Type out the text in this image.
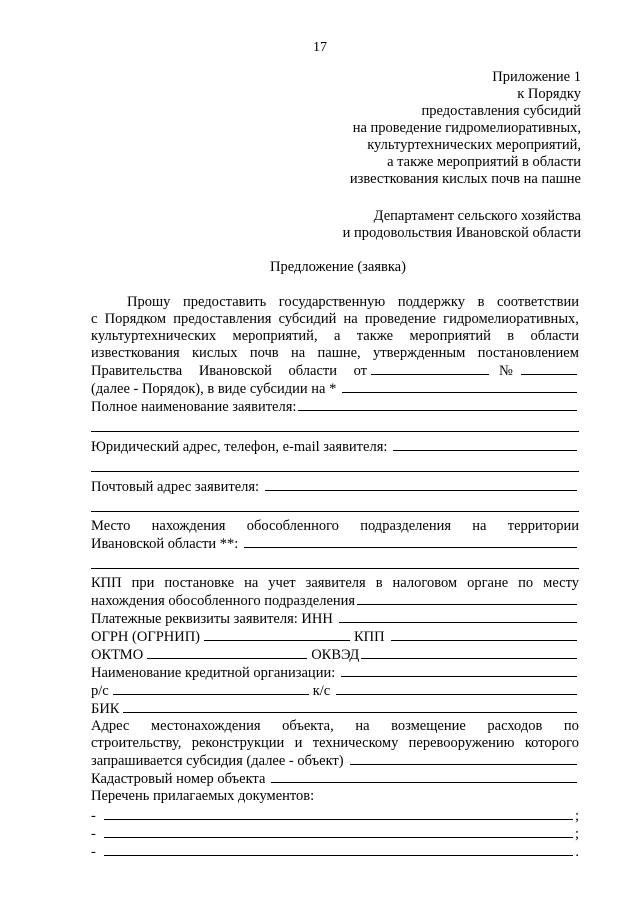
17
Приложение 1
к Порядку
предоставления субсидий
на проведение гидромелиоративных,
культуртехнических мероприятий,
а также мероприятий в области
известкования кислых почв на пашне
Департамент сельского хозяйства
и продовольствия Ивановской области
Предложение (заявка)
Прошу предоставить государственную поддержку в соответствии
с Порядком предоставления субсидий на проведение гидромелиоративных,
культуртехнических мероприятий, а также мероприятий в области
известкования кислых почв на пашне, утвержденным постановлением
Правительства Ивановской области от	№
(далее - Порядок), в виде субсидии на *
Полное наименование заявителя:
Юридический адрес, телефон, e-mail заявителя:
Почтовый адрес заявителя:
Место нахождения обособленного подразделения на территории
Ивановской области **:
КПП при постановке на учет заявителя в налоговом органе по месту
нахождения обособленного подразделения
Платежные реквизиты заявителя: ИНН
ОГРН (ОГРНИП)	КПП
ОКТМО	ОКВЭД
Наименование кредитной организации:
р/с	к/с
БИК
Адрес местонахождения объекта, на возмещение расходов по
строительству, реконструкции и техническому перевооружению которого
запрашивается субсидия (далее - объект)
Кадастровый номер объекта
Перечень прилагаемых документов:
-	;
-	;
-	.
